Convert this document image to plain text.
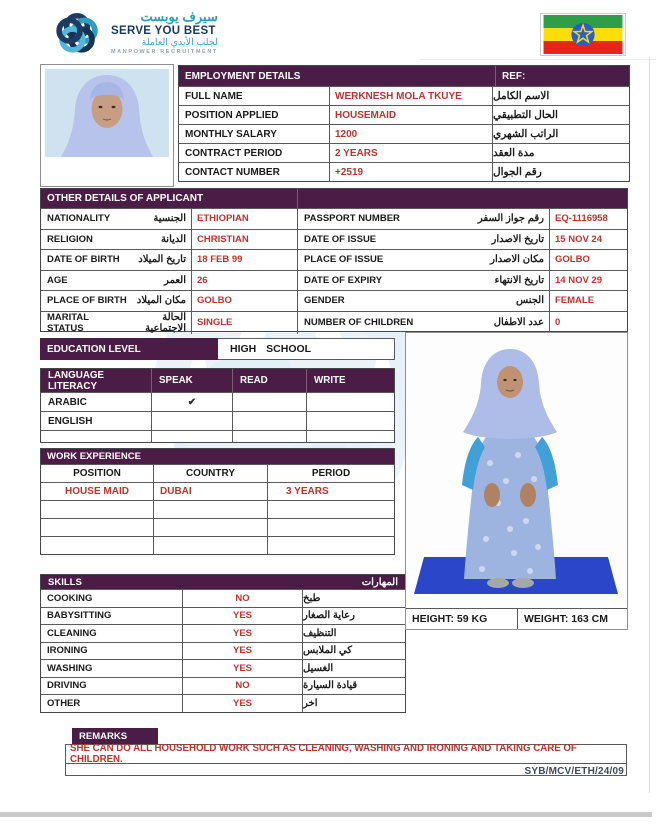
سيرف يوبست
SERVE YOU BEST
لجلب الأيدي العاملة
MANPOWER RECRUITMENT
EMPLOYMENT DETAILS	REF:
FULL NAME	WERKNESH MOLA TKUYE	الاسم الكامل
POSITION APPLIED	HOUSEMAID	الحال التطبيقي
MONTHLY SALARY	1200	الراتب الشهري
CONTRACT PERIOD	2 YEARS	مدة العقد
CONTACT NUMBER	+2519	رقم الجوال
OTHER DETAILS OF APPLICANT
NATIONALITY	الجنسية	ETHIOPIAN	PASSPORT NUMBER	رقم جواز السفر	EQ-1116958
RELIGION	الديانة	CHRISTIAN	DATE OF ISSUE	تاريخ الاصدار	15 NOV 24
DATE OF BIRTH تاريخ الميلاد	18 FEB 99	PLACE OF ISSUE	مكان الاصدار	GOLBO
AGE	العمر	26	DATE OF EXPIRY	تاريخ الانتهاء	14 NOV 29
PLACE OF BIRTH مكان الميلاد	GOLBO	GENDER	الجنس	FEMALE
MARITAL STATUS
الحالة الاجتماعية	SINGLE	NUMBER OF CHILDREN	عدد الاطفال	0
EDUCATION LEVEL	HIGH SCHOOL
LANGUAGE LITERACY	SPEAK	READ	WRITE
ARABIC	✔
ENGLISH
WORK EXPERIENCE
POSITION	COUNTRY	PERIOD
HOUSE MAID	DUBAI	3 YEARS
SKILLS	المهارات
COOKING	NO	طبخ
BABYSITTING	YES	رعاية الصغار
CLEANING	YES	التنظيف
IRONING	YES	كي الملابس
WASHING	YES	الغسيل
DRIVING	NO	قيادة السيارة
OTHER	YES	اخر
HEIGHT: 59 KG	WEIGHT: 163 CM
REMARKS
SHE CAN DO ALL HOUSEHOLD WORK SUCH AS CLEANING, WASHING AND IRONING AND TAKING CARE OF CHILDREN.
SYB/MCV/ETH/24/09
